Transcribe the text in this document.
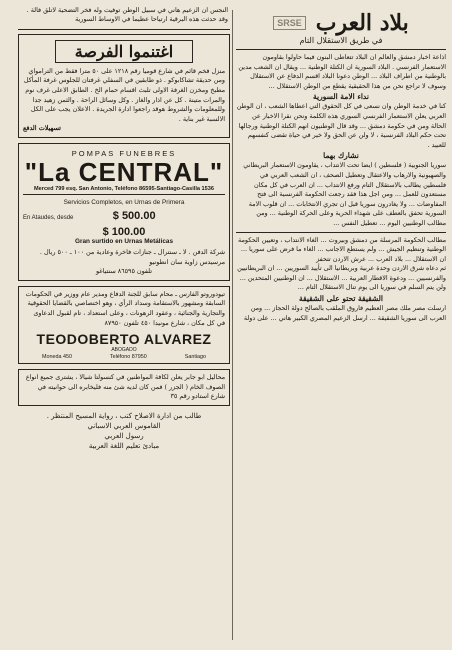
النجس ان الزعيم هاني في سبيل الوطن توفيت وله فخر التضحية لاتلق فالة . وقد حدثت هذه البرقية ارتياحا عظيما في الاوساط السورية
اغتنموا الفرصة
منزل فخم قائم في شارع قوميا رقم ١٢١٨ على ٥٠ مترا فقط من الترامواي ومن حديقة تشاكابوكو . ذو طابقين في السفلي غرفتان للجلوس غرفة المأكل مطبخ ومخزن الغرفة الاولى تلبث اقسام حمام الخ . الطابق الاعلى غرف نوم والمرات متينة . كل عن اذار والغاز . وكل وسائل الراحة . والثمن زهيد جدا وللمعلومات والشروط هوقد راجعوا ادارة الجريدة . الاعلان يجب على الكل الالسبة غير بناية .
تسهيلات الدفع
POMPAS FUNEBRES
"La CENTRAL"
Merced 799 esq. San Antonio, Teléfono 86595-Santiago-Casilla 1536
Servicios Completos, en Urnas de Primera
En Ataudes, desde	$ 500.00
$ 100.00
Gran surtido en Urnas Metálicas
شركة الدفن . لا ـ سنترال ـ جنازات فاخرة وعادية من ١٠٠ ـ ٥٠٠ ريال . مرسيدس زاوية سان انطونيو
تلفون ٨٦٥٩٥ سنتياغو
تيودوروتو الفارس ـ محام سابق للجنة الدفاع ومدير عام ووزير في الحكومات السابقة ومشهور بالاستقامة وسداد الرأي ، وهو اختصاصي بالقضايا الحقوقية والتجارية والجنائية ، وعقود الرهونات ، وعلى استعداد ، تام لقبول الدعاوى في كل مكان ، شارع مونيدا ٤٥٠ تلفون ٨٧٩٥٠
TEODOBERTO ALVAREZ
ABOGADO
Moneda 450	Teléfono 87950	Santiago
محاليل ابو جابر يعلن لكافة المواطنين في كنسولتا شيالا ، يشترى جميع انواع الصوف الخام ( الجزر ) فمن كان لديه شئ منه فليخابره الى حوانيته في شارع استادو رقم ٣٥
طالب من ادارة الاصلاح كتب ، رواية المسيح المنتظر .
القاموس العربي الاسباني
رسول العربي
مبادئ تعليم اللغة العربية
SRSE بلاد العرب
في طريق الاستقلال التام
اذاعة اخبار دمشق والعالم ان البلاد تتعاطى البنون فيما حاولوا بقاومون الاستعمار الفرنسي . البلاد السورية ان الكتلة الوطنية ... ويقال ان الشعب مدين بالوطنية من اطراف البلاد ... الوطن دعونا البلاد اقسم الدفاع عن الاستقلال وسوف لا تراجع نحن من هذا الحقيقية يقطع من الوطن الاستقلال ...
نداء الامة السورية
كنا في خدمة الوطن وان نسعى في كل الحقوق التي اعطاها الشعب ، ان الوطن العربي يعلن الاستعمار الفرنسي السوري هذه الكلمة ونحن نقرا الاخبار عن الحالة ومن في حكومة دمشق ... وقد قال الوطنيون انهم الكتلة الوطنية ورجالها تحت حكم البلاد الفرنسية ، لا ولن عن الحق ولا خير في حياة تقضى كنفسهم للعبيد .
نشارك بهما
سوريا الجنوبية ( فلسطين ) ايضا تحت الانتداب ، يقاومون الاستعمار البريطاني والصهيونية والارهاب والاعتقال وتعطيل الصحف ، ان الشعب العربي في فلسطين يطالب بالاستقلال التام ورفع الانتداب ... ان العرب في كل مكان مستعدون للعمل ... ومن اجل هذا فقد رجعت الحكومة الفرنسية الى فتح المفاوضات ... ولا يغادرون سوريا قبل ان تجري الانتخابات ... ان قلوب الامة السورية تحفق بالعطف على شهداء الحرية وعلى الحركة الوطنية ... ومن مطالب الوطنيين اليوم ... تعطيل النفس ...
مطالب الحكومة المرسلة من دمشق وبيروت ... الغاء الانتداب ، وتعيين الحكومة الوطنية وتنظيم الجيش ... ولم يستطع الاجانب ... الغاء ما فرض على سوريا ... ان الاستقلال ... بلاد العرب ... عرش الاردن تتحفز
ثم دعاه شرق الاردن وحدة عربية وبريطانيا الى تأييد السوريين ... ان البريطانيين والفرنسيين ... ودعوة الاقطار العربية ... الاستقلال ... ان الوطنيين المتحدين ... ولن يتم السلم في سوريا الى يوم تنال الاستقلال التام ...
الشقيقة تحتو على الشقيقة
ارسلت مصر ملك مصر العظيم فاروق الملقب بالصالح دولة الحجاز ... ومن العرب الى سوريا الشقيقة ... ارسل الزعيم المصري الكبير هاني ... على دولة
